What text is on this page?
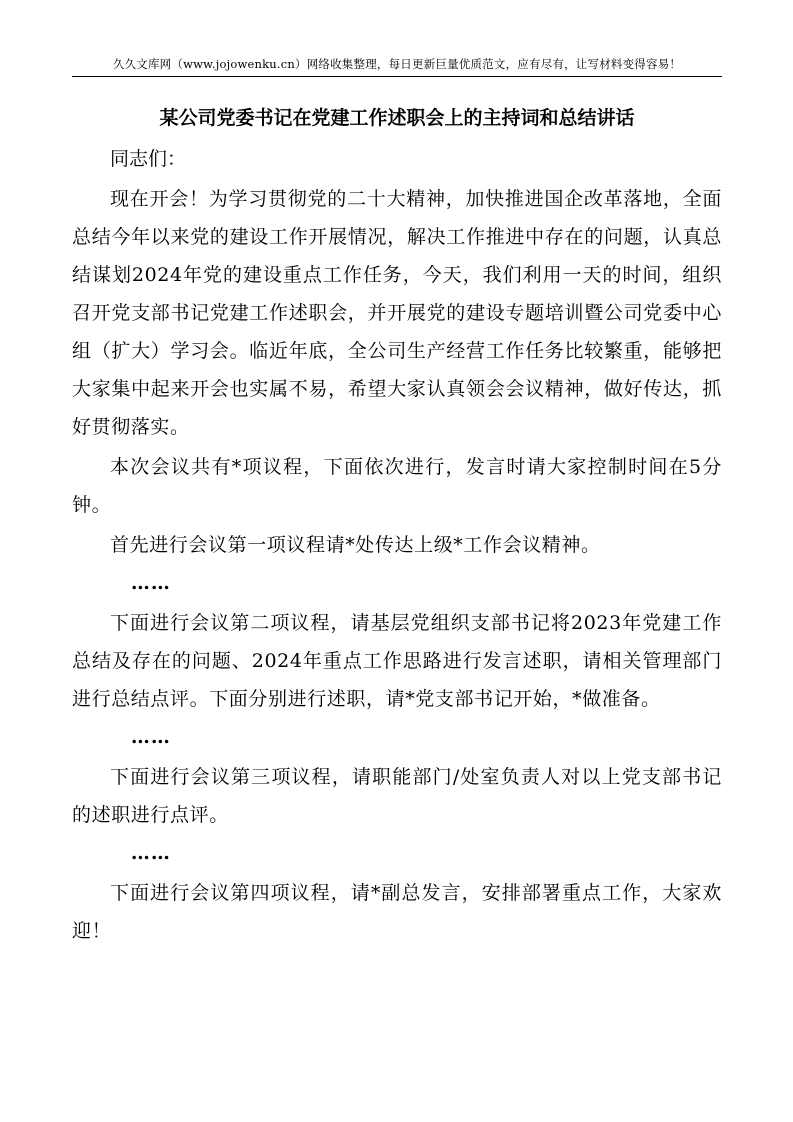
久久文库网（www.jojowenku.cn）网络收集整理，每日更新巨量优质范文，应有尽有，让写材料变得容易！
某公司党委书记在党建工作述职会上的主持词和总结讲话

同志们：

现在开会！为学习贯彻党的二十大精神，加快推进国企改革落地，全面总结今年以来党的建设工作开展情况，解决工作推进中存在的问题，认真总结谋划2024年党的建设重点工作任务，今天，我们利用一天的时间，组织召开党支部书记党建工作述职会，并开展党的建设专题培训暨公司党委中心组（扩大）学习会。临近年底，全公司生产经营工作任务比较繁重，能够把大家集中起来开会也实属不易，希望大家认真领会会议精神，做好传达，抓好贯彻落实。

本次会议共有*项议程，下面依次进行，发言时请大家控制时间在5分钟。

首先进行会议第一项议程请*处传达上级*工作会议精神。

……

下面进行会议第二项议程，请基层党组织支部书记将2023年党建工作总结及存在的问题、2024年重点工作思路进行发言述职，请相关管理部门进行总结点评。下面分别进行述职，请*党支部书记开始，*做准备。

……

下面进行会议第三项议程，请职能部门/处室负责人对以上党支部书记的述职进行点评。

……

下面进行会议第四项议程，请*副总发言，安排部署重点工作，大家欢迎！
